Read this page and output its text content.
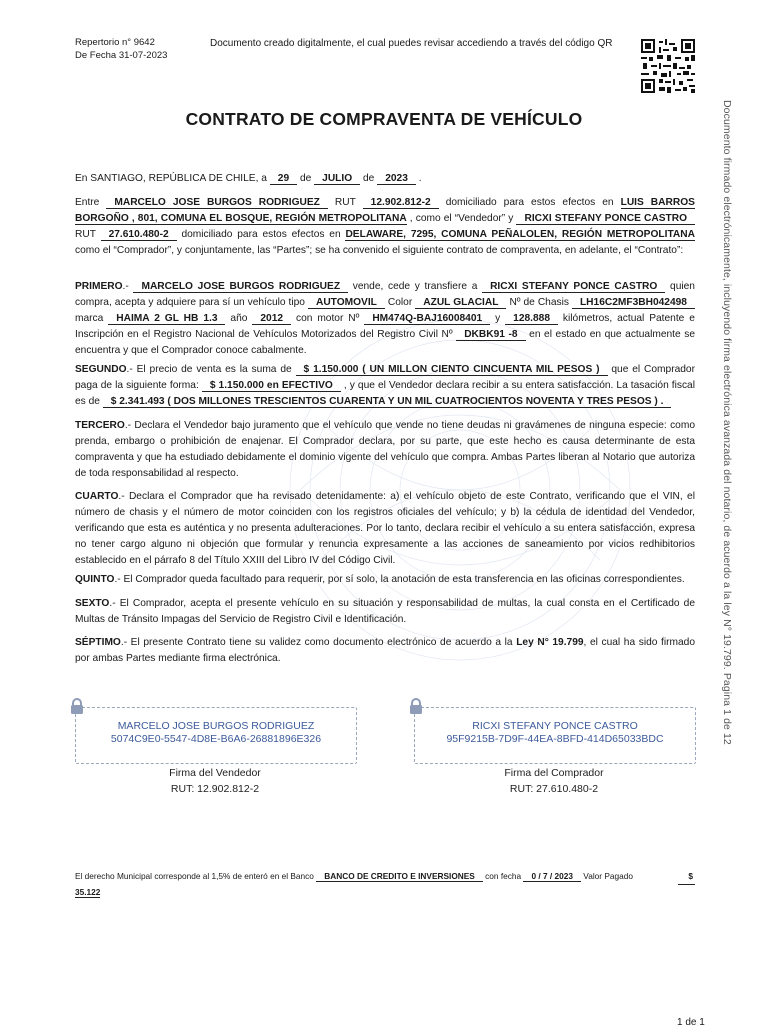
Repertorio n° 9642
De Fecha 31-07-2023
Documento creado digitalmente, el cual puedes revisar accediendo a través del código QR
CONTRATO DE COMPRAVENTA DE VEHÍCULO	Documento firmado electrónicamente, incluyendo firma electrónica avanzada del notario, de acuerdo a la ley N° 19.799. Pagina 1 de 12

En SANTIAGO, REPÚBLICA DE CHILE, a 29 de JULIO de 2023 .

Entre MARCELO JOSE BURGOS RODRIGUEZ RUT 12.902.812-2 domiciliado para estos efectos en LUIS BARROS BORGOÑO , 801, COMUNA EL BOSQUE, REGIÓN METROPOLITANA , como el “Vendedor” y RICXI STEFANY PONCE CASTRO RUT 27.610.480-2 domiciliado para estos efectos en DELAWARE, 7295, COMUNA PEÑALOLEN, REGIÓN METROPOLITANA como el “Comprador”, y conjuntamente, las “Partes”; se ha convenido el siguiente contrato de compraventa, en adelante, el “Contrato”:

PRIMERO.- MARCELO JOSE BURGOS RODRIGUEZ vende, cede y transfiere a RICXI STEFANY PONCE CASTRO quien compra, acepta y adquiere para sí un vehículo tipo AUTOMOVIL Color AZUL GLACIAL Nº de Chasis LH16C2MF3BH042498 marca HAIMA 2 GL HB 1.3 año 2012 con motor Nº HM474Q-BAJ16008401 y 128.888 kilómetros, actual Patente e Inscripción en el Registro Nacional de Vehículos Motorizados del Registro Civil Nº DKBK91 -8 en el estado en que actualmente se encuentra y que el Comprador conoce cabalmente.

SEGUNDO.- El precio de venta es la suma de $ 1.150.000 ( UN MILLON CIENTO CINCUENTA MIL PESOS ) que el Comprador paga de la siguiente forma: $ 1.150.000 en EFECTIVO , y que el Vendedor declara recibir a su entera satisfacción. La tasación fiscal es de $ 2.341.493 ( DOS MILLONES TRESCIENTOS CUARENTA Y UN MIL CUATROCIENTOS NOVENTA Y TRES PESOS ) .

TERCERO.- Declara el Vendedor bajo juramento que el vehículo que vende no tiene deudas ni gravámenes de ninguna especie: como prenda, embargo o prohibición de enajenar. El Comprador declara, por su parte, que este hecho es causa determinante de esta compraventa y que ha estudiado debidamente el dominio vigente del vehículo que compra. Ambas Partes liberan al Notario que autoriza de toda responsabilidad al respecto.

CUARTO.- Declara el Comprador que ha revisado detenidamente: a) el vehículo objeto de este Contrato, verificando que el VIN, el número de chasis y el número de motor coinciden con los registros oficiales del vehículo; y b) la cédula de identidad del Vendedor, verificando que esta es auténtica y no presenta adulteraciones. Por lo tanto, declara recibir el vehículo a su entera satisfacción, expresa no tener cargo alguno ni objeción que formular y renuncia expresamente a las acciones de saneamiento por vicios redhibitorios establecido en el párrafo 8 del Título XXIII del Libro IV del Código Civil.

QUINTO.- El Comprador queda facultado para requerir, por sí solo, la anotación de esta transferencia en las oficinas correspondientes.

SEXTO.- El Comprador, acepta el presente vehículo en su situación y responsabilidad de multas, la cual consta en el Certificado de Multas de Tránsito Impagas del Servicio de Registro Civil e Identificación.

SÉPTIMO.- El presente Contrato tiene su validez como documento electrónico de acuerdo a la Ley N° 19.799, el cual ha sido firmado por ambas Partes mediante firma electrónica.

MARCELO JOSE BURGOS RODRIGUEZ
5074C9E0-5547-4D8E-B6A6-26881896E326
Firma del Vendedor
RUT: 12.902.812-2
RICXI STEFANY PONCE CASTRO
95F9215B-7D9F-44EA-8BFD-414D65033BDC
Firma del Comprador
RUT: 27.610.480-2
El derecho Municipal corresponde al 1,5% de enteró en el Banco BANCO DE CREDITO E INVERSIONES con fecha 0 / 7 / 2023 Valor Pagado	$
35.122
1 de 1
